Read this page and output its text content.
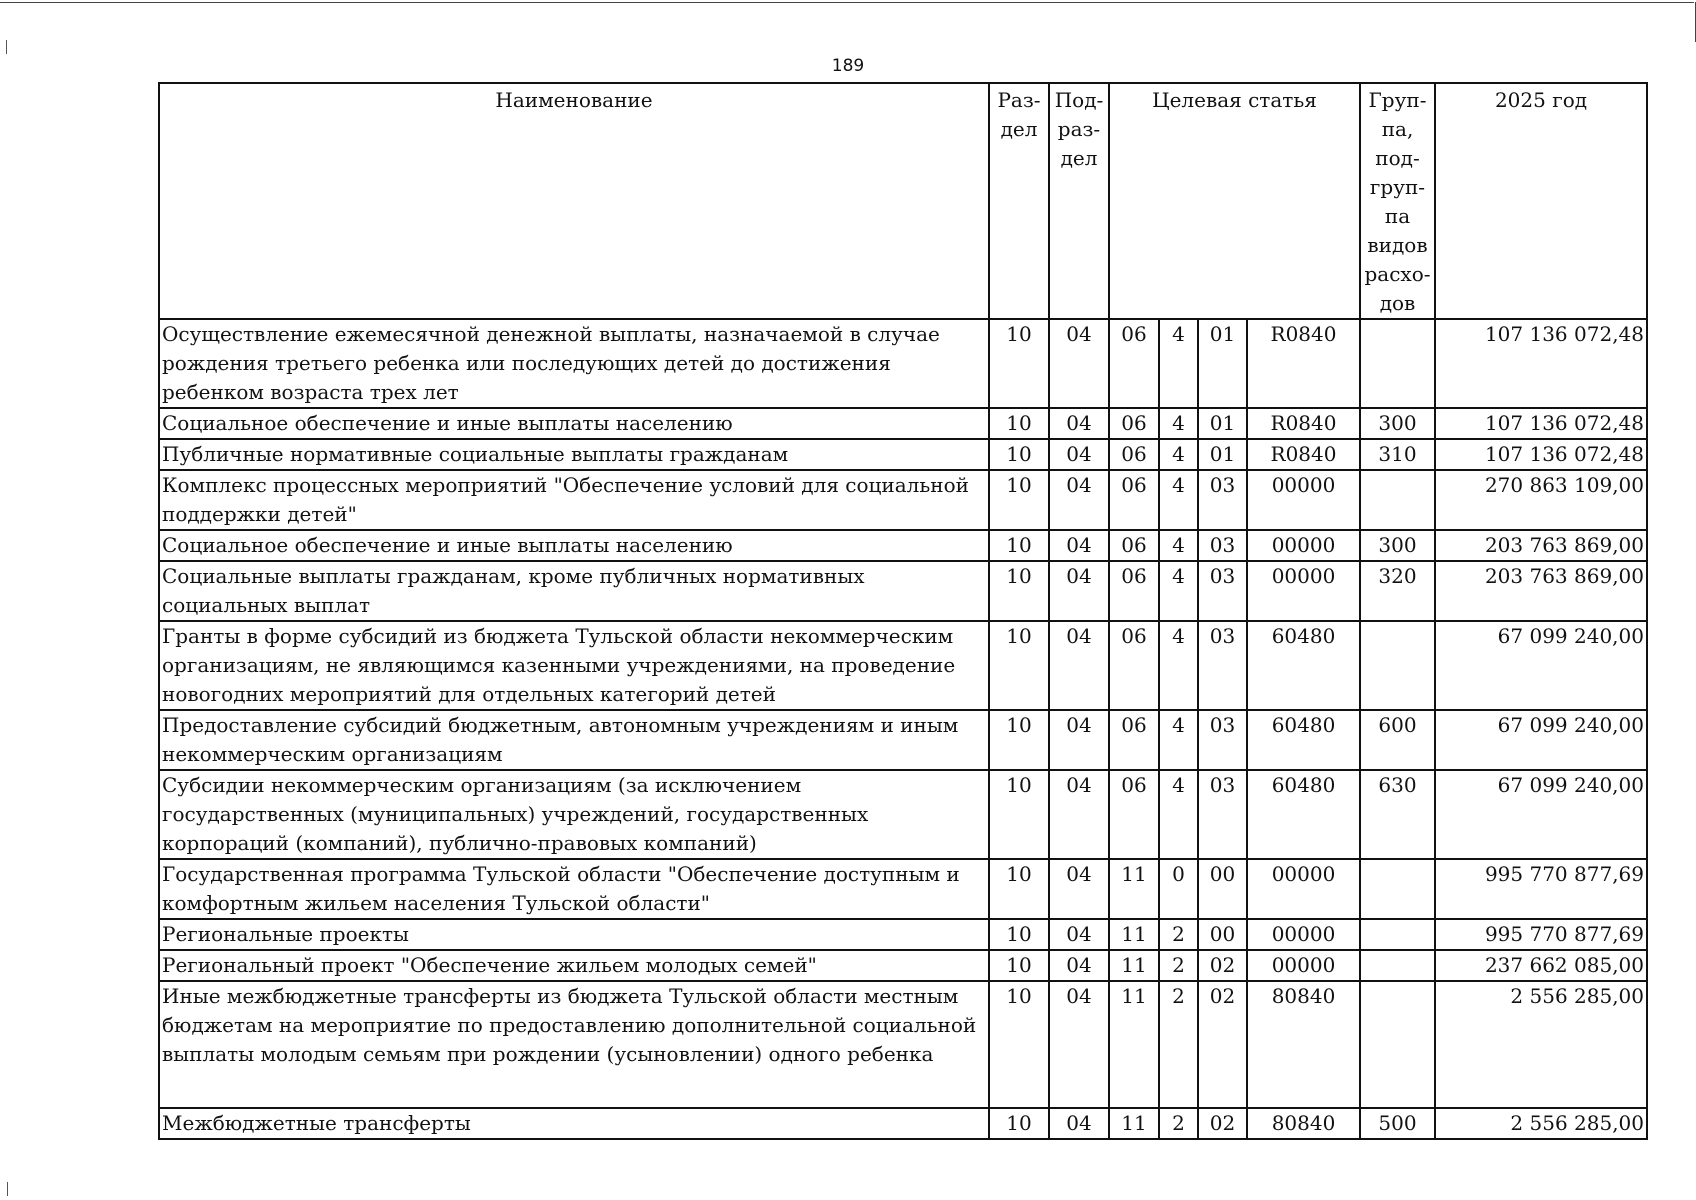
189
Наименование	Раз-дел	Под-раз-дел	Целевая статья				Груп-па, под-груп-па видов расхо-дов	2025 год
Осуществление ежемесячной денежной выплаты, назначаемой в случае рождения третьего ребенка или последующих детей до достижения ребенком возраста трех лет	10	04	06	4	01	R0840		107 136 072,48
Социальное обеспечение и иные выплаты населению	10	04	06	4	01	R0840	300	107 136 072,48
Публичные нормативные социальные выплаты гражданам	10	04	06	4	01	R0840	310	107 136 072,48
Комплекс процессных мероприятий "Обеспечение условий для социальной поддержки детей"	10	04	06	4	03	00000		270 863 109,00
Социальное обеспечение и иные выплаты населению	10	04	06	4	03	00000	300	203 763 869,00
Социальные выплаты гражданам, кроме публичных нормативных социальных выплат	10	04	06	4	03	00000	320	203 763 869,00
Гранты в форме субсидий из бюджета Тульской области некоммерческим организациям, не являющимся казенными учреждениями, на проведение новогодних мероприятий для отдельных категорий детей	10	04	06	4	03	60480		67 099 240,00
Предоставление субсидий бюджетным, автономным учреждениям и иным некоммерческим организациям	10	04	06	4	03	60480	600	67 099 240,00
Субсидии некоммерческим организациям (за исключением государственных (муниципальных) учреждений, государственных корпораций (компаний), публично-правовых компаний)	10	04	06	4	03	60480	630	67 099 240,00
Государственная программа Тульской области "Обеспечение доступным и комфортным жильем населения Тульской области"	10	04	11	0	00	00000		995 770 877,69
Региональные проекты	10	04	11	2	00	00000		995 770 877,69
Региональный проект "Обеспечение жильем молодых семей"	10	04	11	2	02	00000		237 662 085,00
Иные межбюджетные трансферты из бюджета Тульской области местным бюджетам на мероприятие по предоставлению дополнительной социальной выплаты молодым семьям при рождении (усыновлении) одного ребенка	10	04	11	2	02	80840		2 556 285,00
Межбюджетные трансферты	10	04	11	2	02	80840	500	2 556 285,00
